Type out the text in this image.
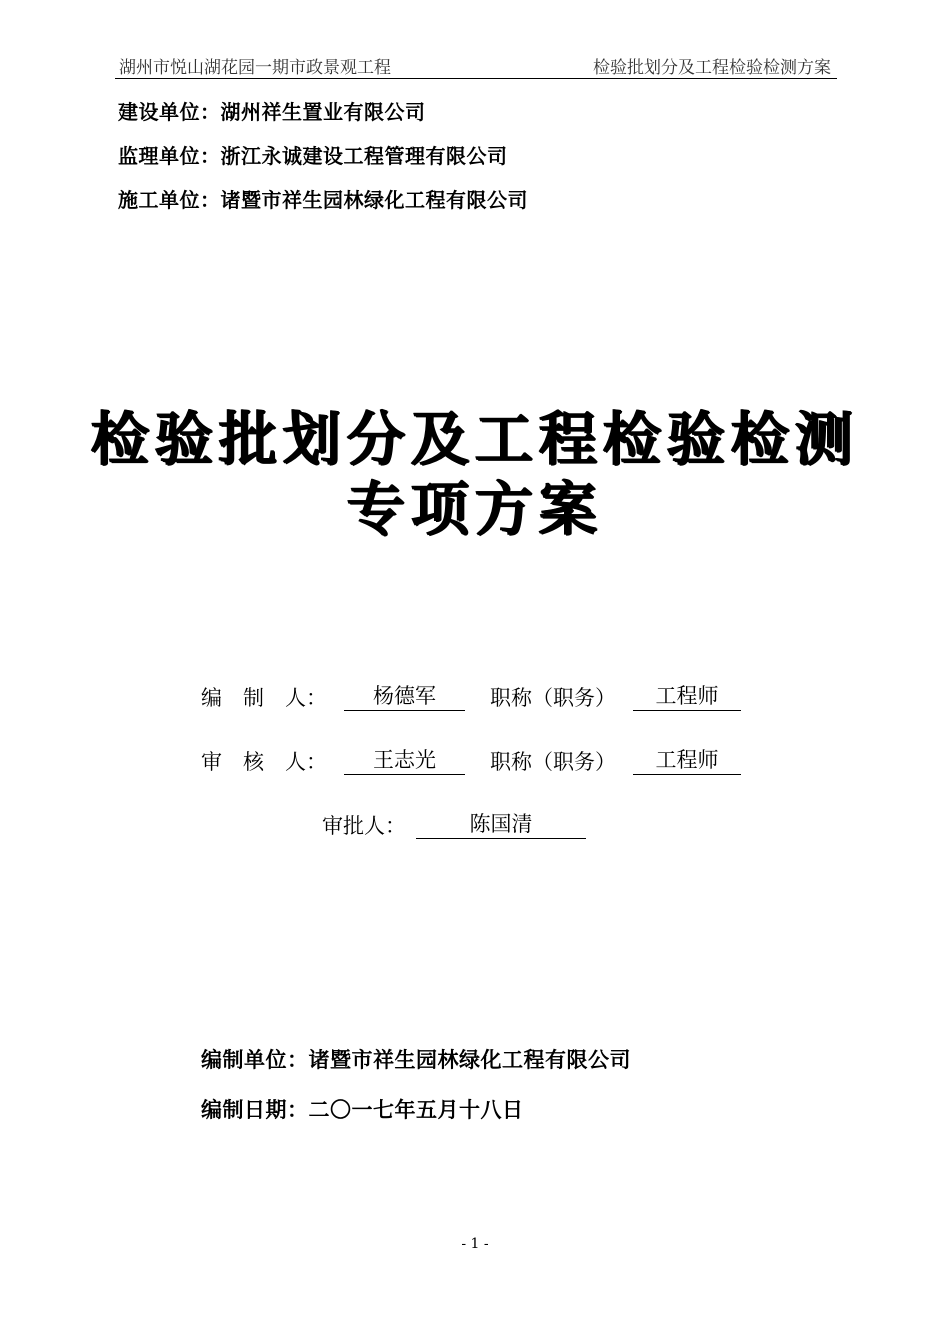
湖州市悦山湖花园一期市政景观工程	检验批划分及工程检验检测方案
建设单位：湖州祥生置业有限公司
监理单位：浙江永诚建设工程管理有限公司
施工单位：诸暨市祥生园林绿化工程有限公司
检验批划分及工程检验检测
专项方案
编　制　人：	杨德军	职称（职务）	工程师
审　核　人：	王志光	职称（职务）	工程师
审批人：	陈国清
编制单位：诸暨市祥生园林绿化工程有限公司
编制日期：二〇一七年五月十八日
- 1 -
